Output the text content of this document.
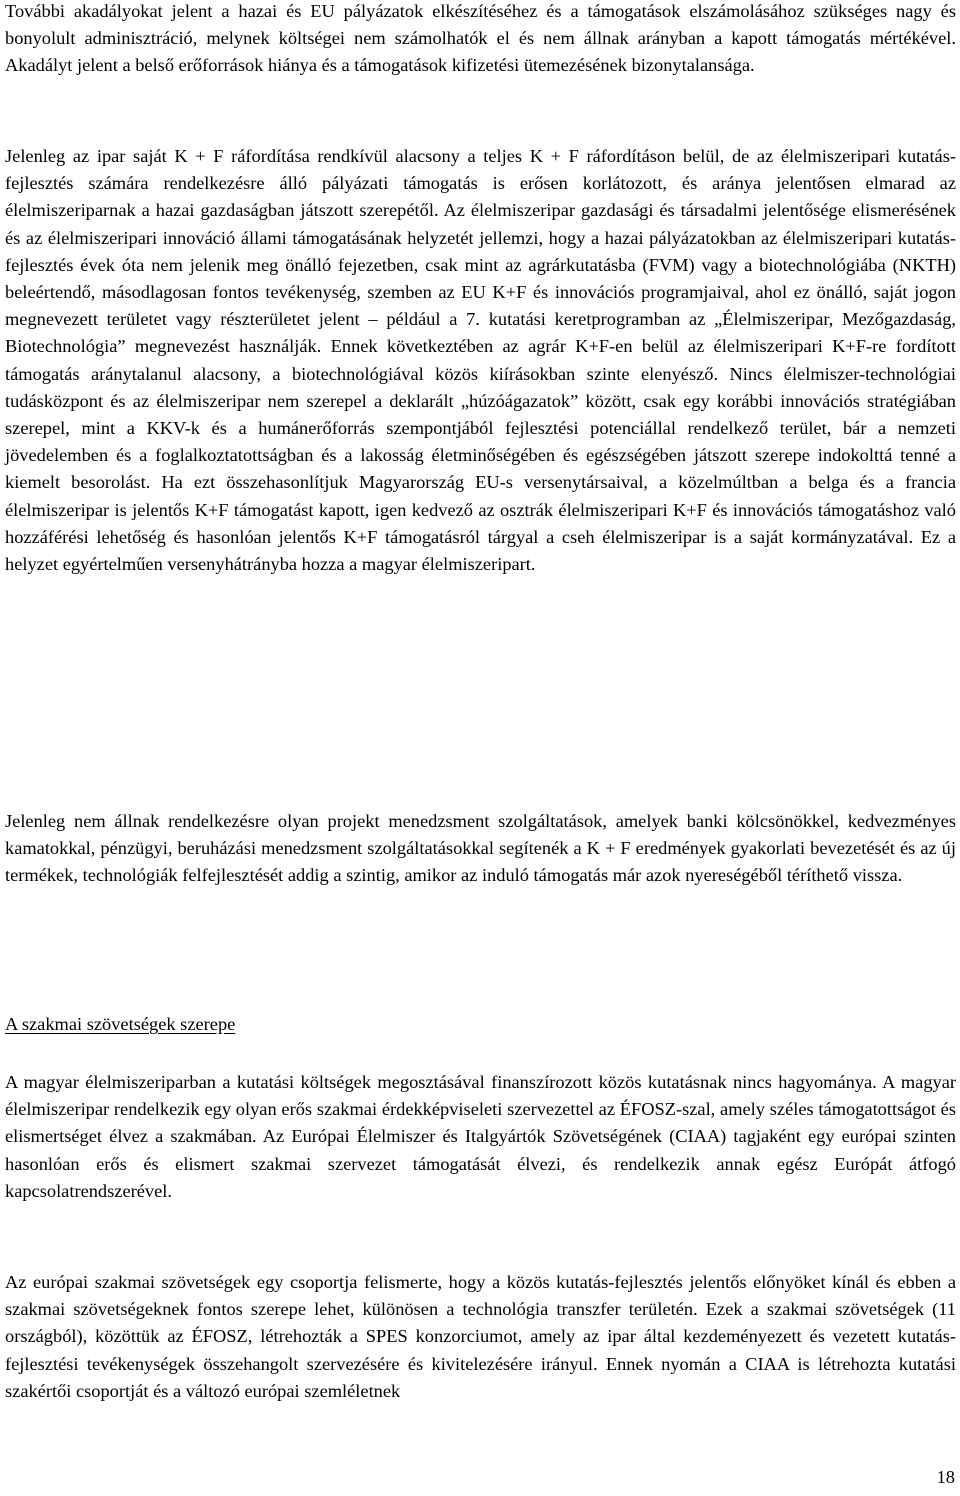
További akadályokat jelent a hazai és EU pályázatok elkészítéséhez és a támogatások elszámolásához szükséges nagy és bonyolult adminisztráció, melynek költségei nem számolhatók el és nem állnak arányban a kapott támogatás mértékével. Akadályt jelent a belső erőforrások hiánya és a támogatások kifizetési ütemezésének bizonytalansága.

Jelenleg az ipar saját K + F ráfordítása rendkívül alacsony a teljes K + F ráfordításon belül, de az élelmiszeripari kutatás-fejlesztés számára rendelkezésre álló pályázati támogatás is erősen korlátozott, és aránya jelentősen elmarad az élelmiszeriparnak a hazai gazdaságban játszott szerepétől. Az élelmiszeripar gazdasági és társadalmi jelentősége elismerésének és az élelmiszeripari innováció állami támogatásának helyzetét jellemzi, hogy a hazai pályázatokban az élelmiszeripari kutatás-fejlesztés évek óta nem jelenik meg önálló fejezetben, csak mint az agrárkutatásba (FVM) vagy a biotechnológiába (NKTH) beleértendő, másodlagosan fontos tevékenység, szemben az EU K+F és innovációs programjaival, ahol ez önálló, saját jogon megnevezett területet vagy részterületet jelent – például a 7. kutatási keretprogramban az „Élelmiszeripar, Mezőgazdaság, Biotechnológia” megnevezést használják. Ennek következtében az agrár K+F-en belül az élelmiszeripari K+F-re fordított támogatás aránytalanul alacsony, a biotechnológiával közös kiírásokban szinte elenyésző. Nincs élelmiszer-technológiai tudásközpont és az élelmiszeripar nem szerepel a deklarált „húzóágazatok” között, csak egy korábbi innovációs stratégiában szerepel, mint a KKV-k és a humánerőforrás szempontjából fejlesztési potenciállal rendelkező terület, bár a nemzeti jövedelemben és a foglalkoztatottságban és a lakosság életminőségében és egészségében játszott szerepe indokolttá tenné a kiemelt besorolást. Ha ezt összehasonlítjuk Magyarország EU-s versenytársaival, a közelmúltban a belga és a francia élelmiszeripar is jelentős K+F támogatást kapott, igen kedvező az osztrák élelmiszeripari K+F és innovációs támogatáshoz való hozzáférési lehetőség és hasonlóan jelentős K+F támogatásról tárgyal a cseh élelmiszeripar is a saját kormányzatával. Ez a helyzet egyértelműen versenyhátrányba hozza a magyar élelmiszeripart.

Jelenleg nem állnak rendelkezésre olyan projekt menedzsment szolgáltatások, amelyek banki kölcsönökkel, kedvezményes kamatokkal, pénzügyi, beruházási menedzsment szolgáltatásokkal segítenék a K + F eredmények gyakorlati bevezetését és az új termékek, technológiák felfejlesztését addig a szintig, amikor az induló támogatás már azok nyereségéből téríthető vissza.

A szakmai szövetségek szerepe

A magyar élelmiszeriparban a kutatási költségek megosztásával finanszírozott közös kutatásnak nincs hagyománya. A magyar élelmiszeripar rendelkezik egy olyan erős szakmai érdekképviseleti szervezettel az ÉFOSZ-szal, amely széles támogatottságot és elismertséget élvez a szakmában. Az Európai Élelmiszer és Italgyártók Szövetségének (CIAA) tagjaként egy európai szinten hasonlóan erős és elismert szakmai szervezet támogatását élvezi, és rendelkezik annak egész Európát átfogó kapcsolatrendszerével.

Az európai szakmai szövetségek egy csoportja felismerte, hogy a közös kutatás-fejlesztés jelentős előnyöket kínál és ebben a szakmai szövetségeknek fontos szerepe lehet, különösen a technológia transzfer területén. Ezek a szakmai szövetségek (11 országból), közöttük az ÉFOSZ, létrehozták a SPES konzorciumot, amely az ipar által kezdeményezett és vezetett kutatás-fejlesztési tevékenységek összehangolt szervezésére és kivitelezésére irányul. Ennek nyomán a CIAA is létrehozta kutatási szakértői csoportját és a változó európai szemléletnek

18
